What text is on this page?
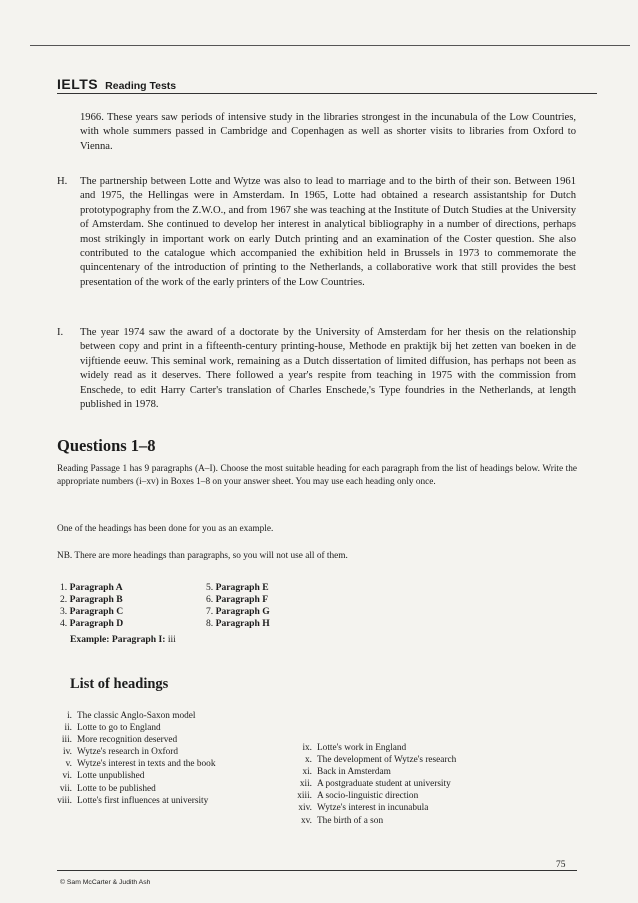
IELTS Reading Tests
1966. These years saw periods of intensive study in the libraries strongest in the incunabula of the Low Countries, with whole summers passed in Cambridge and Copenhagen as well as shorter visits to libraries from Oxford to Vienna.
H. The partnership between Lotte and Wytze was also to lead to marriage and to the birth of their son. Between 1961 and 1975, the Hellingas were in Amsterdam. In 1965, Lotte had obtained a research assistantship for Dutch prototypography from the Z.W.O., and from 1967 she was teaching at the Institute of Dutch Studies at the University of Amsterdam. She continued to develop her interest in analytical bibliography in a number of directions, perhaps most strikingly in important work on early Dutch printing and an examination of the Coster question. She also contributed to the catalogue which accompanied the exhibition held in Brussels in 1973 to commemorate the quincentenary of the introduction of printing to the Netherlands, a collaborative work that still provides the best presentation of the work of the early printers of the Low Countries.
I. The year 1974 saw the award of a doctorate by the University of Amsterdam for her thesis on the relationship between copy and print in a fifteenth-century printing-house, Methode en praktijk bij het zetten van boeken in de vijftiende eeuw. This seminal work, remaining as a Dutch dissertation of limited diffusion, has perhaps not been as widely read as it deserves. There followed a year's respite from teaching in 1975 with the commission from Enschede, to edit Harry Carter's translation of Charles Enschede,'s Type foundries in the Netherlands, at length published in 1978.
Questions 1–8
Reading Passage 1 has 9 paragraphs (A–I). Choose the most suitable heading for each paragraph from the list of headings below. Write the appropriate numbers (i–xv) in Boxes 1–8 on your answer sheet. You may use each heading only once.
One of the headings has been done for you as an example.
NB. There are more headings than paragraphs, so you will not use all of them.
1. Paragraph A
2. Paragraph B
3. Paragraph C
4. Paragraph D
5. Paragraph E
6. Paragraph F
7. Paragraph G
8. Paragraph H
Example: Paragraph I: iii
List of headings
i. The classic Anglo-Saxon model
ii. Lotte to go to England
iii. More recognition deserved
iv. Wytze's research in Oxford
v. Wytze's interest in texts and the book
vi. Lotte unpublished
vii. Lotte to be published
viii. Lotte's first influences at university
ix. Lotte's work in England
x. The development of Wytze's research
xi. Back in Amsterdam
xii. A postgraduate student at university
xiii. A socio-linguistic direction
xiv. Wytze's interest in incunabula
xv. The birth of a son
75
© Sam McCarter & Judith Ash
